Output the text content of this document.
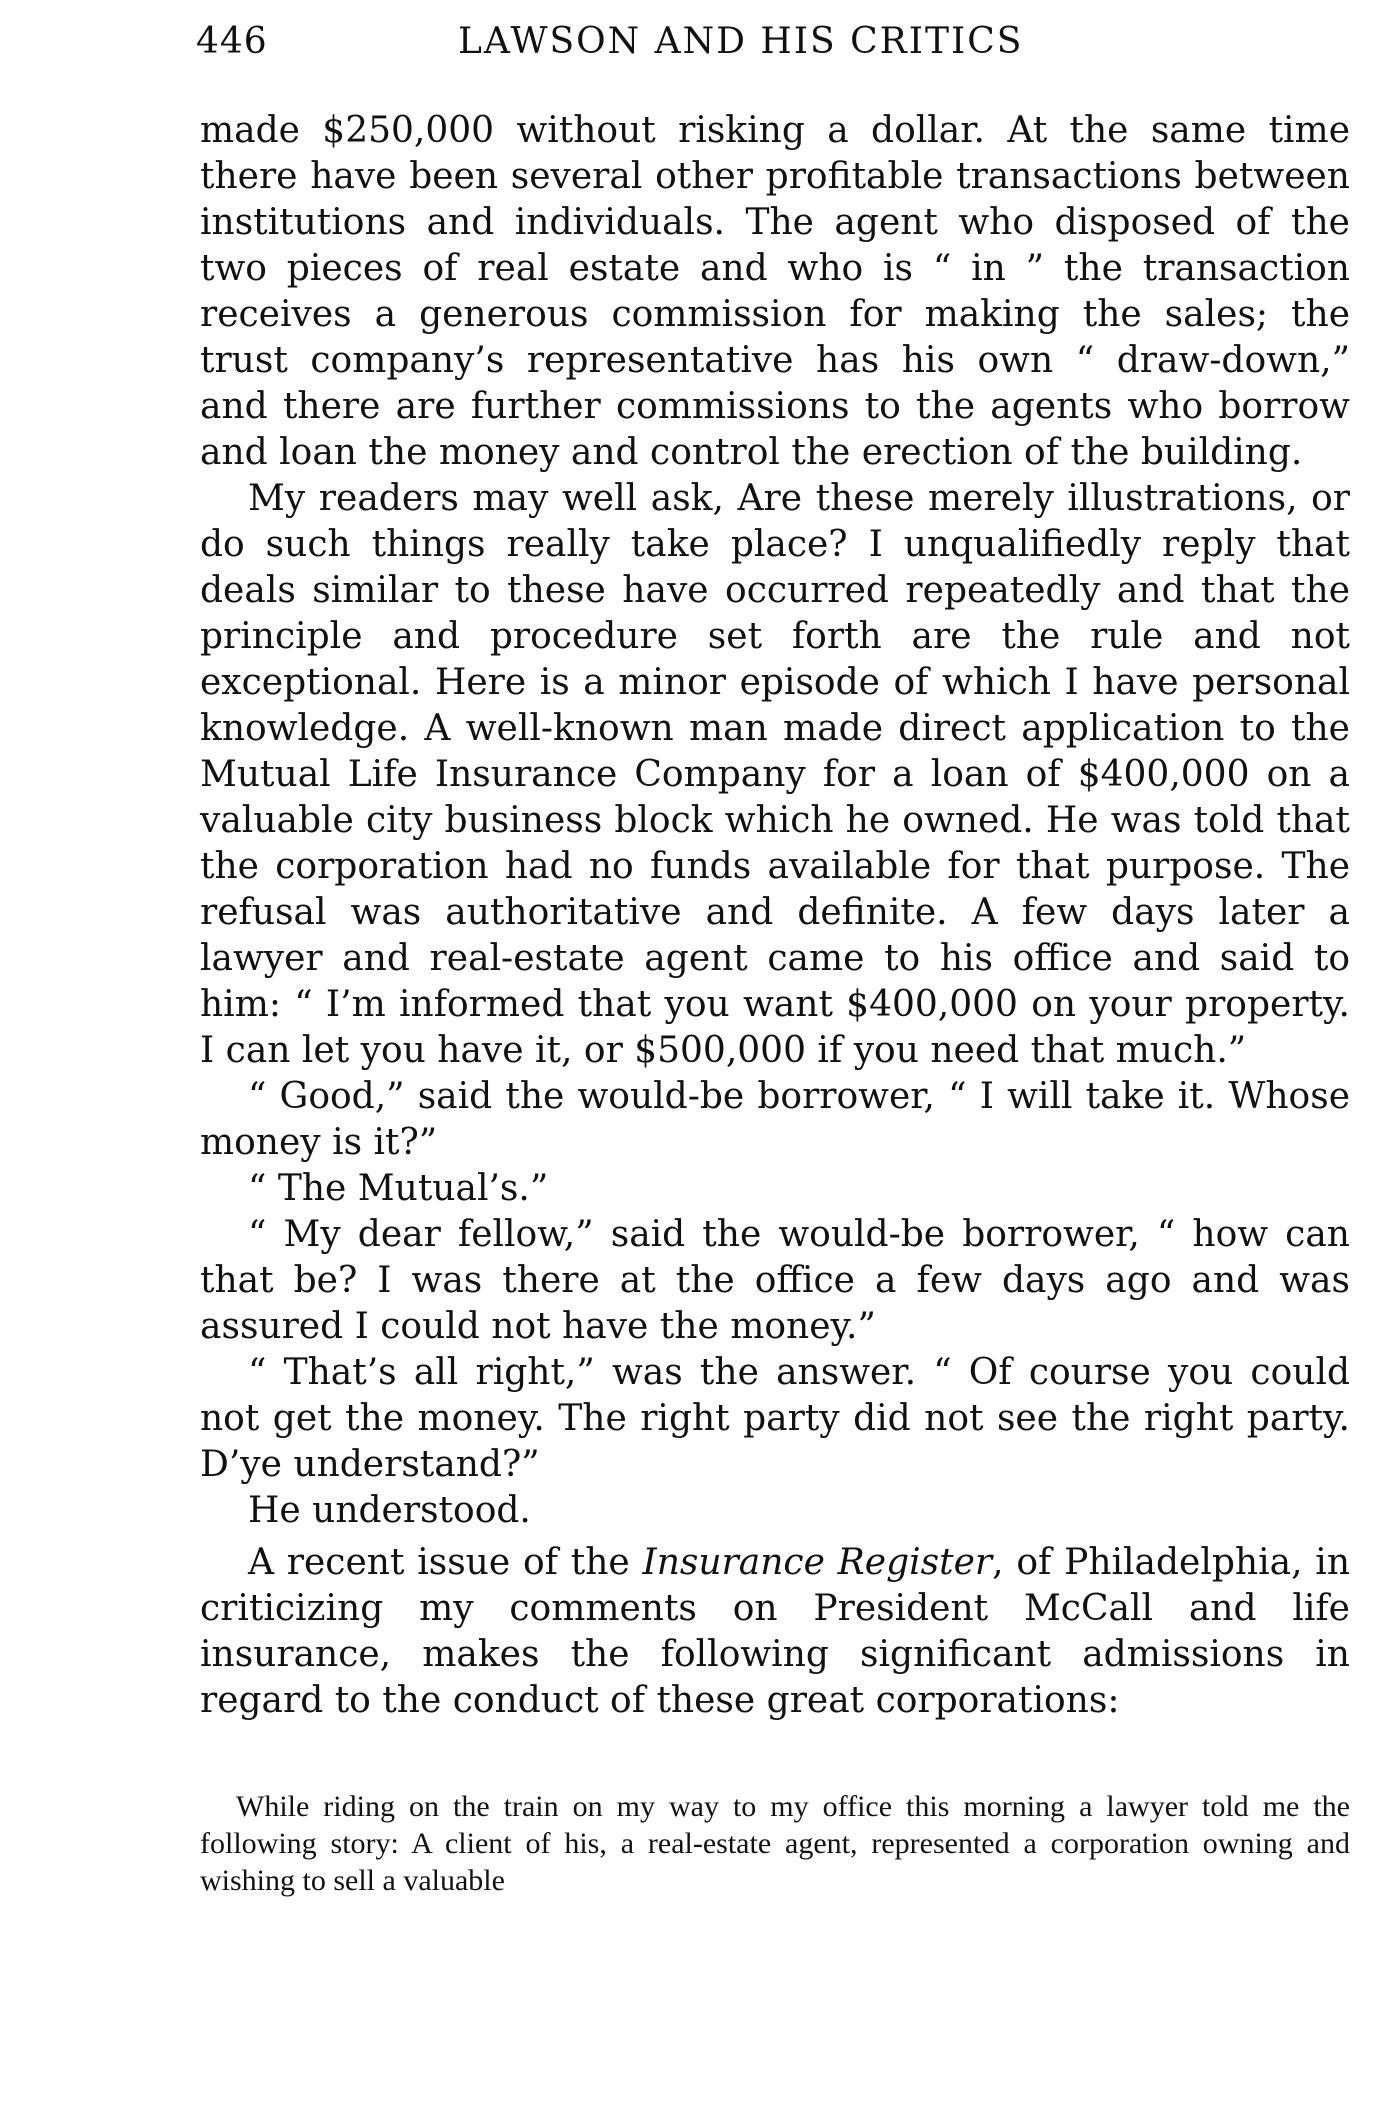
446	LAWSON AND HIS CRITICS

made $250,000 without risking a dollar. At the same time there have been several other profitable transactions between institutions and individuals. The agent who disposed of the two pieces of real estate and who is “ in ” the transaction receives a generous commission for making the sales; the trust company’s representative has his own “ draw-down,” and there are further commissions to the agents who borrow and loan the money and control the erection of the building.

My readers may well ask, Are these merely illustrations, or do such things really take place? I unqualifiedly reply that deals similar to these have occurred repeatedly and that the principle and procedure set forth are the rule and not exceptional. Here is a minor episode of which I have personal knowledge. A well-known man made direct application to the Mutual Life Insurance Company for a loan of $400,000 on a valuable city business block which he owned. He was told that the corporation had no funds available for that purpose. The refusal was authoritative and definite. A few days later a lawyer and real-estate agent came to his office and said to him: “ I’m informed that you want $400,000 on your property. I can let you have it, or $500,000 if you need that much.”

“ Good,” said the would-be borrower, “ I will take it. Whose money is it?”

“ The Mutual’s.”

“ My dear fellow,” said the would-be borrower, “ how can that be? I was there at the office a few days ago and was assured I could not have the money.”

“ That’s all right,” was the answer. “ Of course you could not get the money. The right party did not see the right party. D’ye understand?”

He understood.

A recent issue of the Insurance Register, of Philadelphia, in criticizing my comments on President McCall and life insurance, makes the following significant admissions in regard to the conduct of these great corporations:

While riding on the train on my way to my office this morning a lawyer told me the following story: A client of his, a real-estate agent, represented a corporation owning and wishing to sell a valuable
